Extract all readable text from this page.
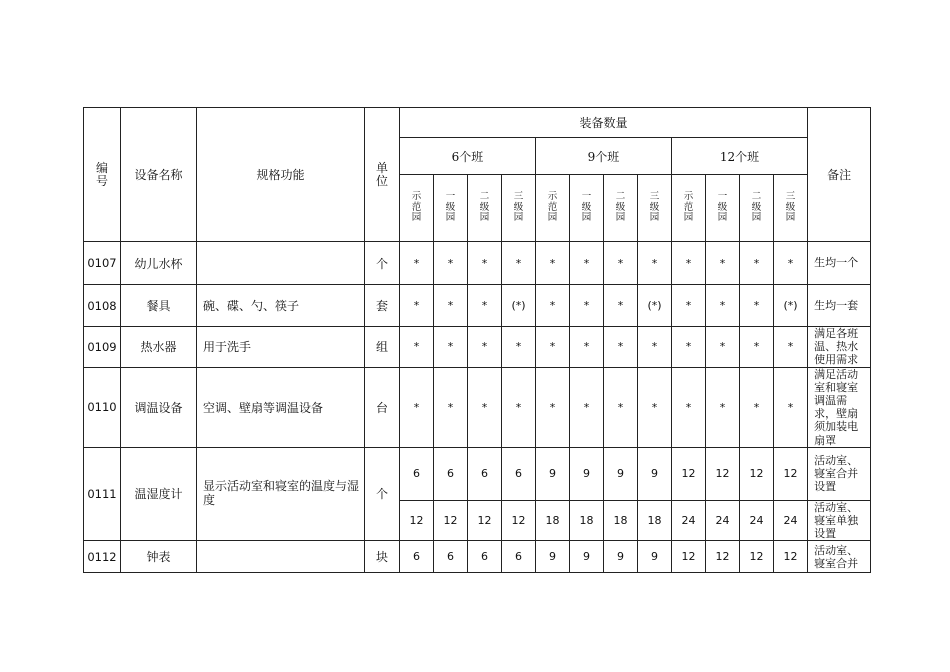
编号	设备名称	规格功能	单位	装备数量												备注
				6个班				9个班				12个班				

				示范园	一级园	二级园	三级园	示范园	一级园	二级园	三级园	示范园	一级园	二级园	三级园	

0107	幼儿水杯		个	*	*	*	*	*	*	*	*	*	*	*	*	生均一个
0108	餐具	碗、碟、勺、筷子	套	*	*	*	(*)	*	*	*	(*)	*	*	*	(*)	生均一套
0109	热水器	用于洗手	组	*	*	*	*	*	*	*	*	*	*	*	*	满足各班温、热水使用需求
0110	调温设备	空调、壁扇等调温设备	台	*	*	*	*	*	*	*	*	*	*	*	*	满足活动室和寝室调温需求，壁扇须加装电扇罩
0111	温湿度计	显示活动室和寝室的温度与湿度	个	6	6	6	6	9	9	9	9	12	12	12	12	活动室、寝室合并设置
				12	12	12	12	18	18	18	18	24	24	24	24	活动室、寝室单独设置
0112	钟表		块	6	6	6	6	9	9	9	9	12	12	12	12	活动室、寝室合并
